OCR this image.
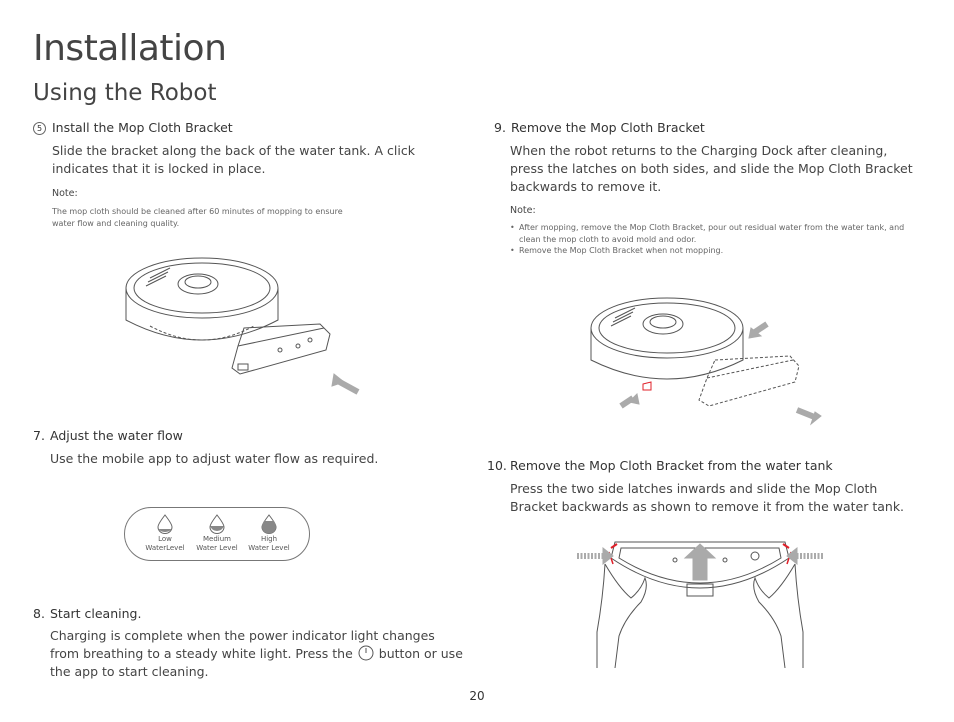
Installation
Using the Robot
5 Install the Mop Cloth Bracket
Slide the bracket along the back of the water tank. A click indicates that it is locked in place.
Note:
The mop cloth should be cleaned after 60 minutes of mopping to ensure water flow and cleaning quality.
7. Adjust the water flow
Use the mobile app to adjust water flow as required.
Low
WaterLevel
Medium
Water Level
High
Water Level
8. Start cleaning.
Charging is complete when the power indicator light changes from breathing to a steady white light. Press the button or use the app to start cleaning.
9. Remove the Mop Cloth Bracket
When the robot returns to the Charging Dock after cleaning, press the latches on both sides, and slide the Mop Cloth Bracket backwards to remove it.
Note:
• After mopping, remove the Mop Cloth Bracket, pour out residual water from the water tank, and clean the mop cloth to avoid mold and odor.
• Remove the Mop Cloth Bracket when not mopping.
10. Remove the Mop Cloth Bracket from the water tank
Press the two side latches inwards and slide the Mop Cloth Bracket backwards as shown to remove it from the water tank.
20
